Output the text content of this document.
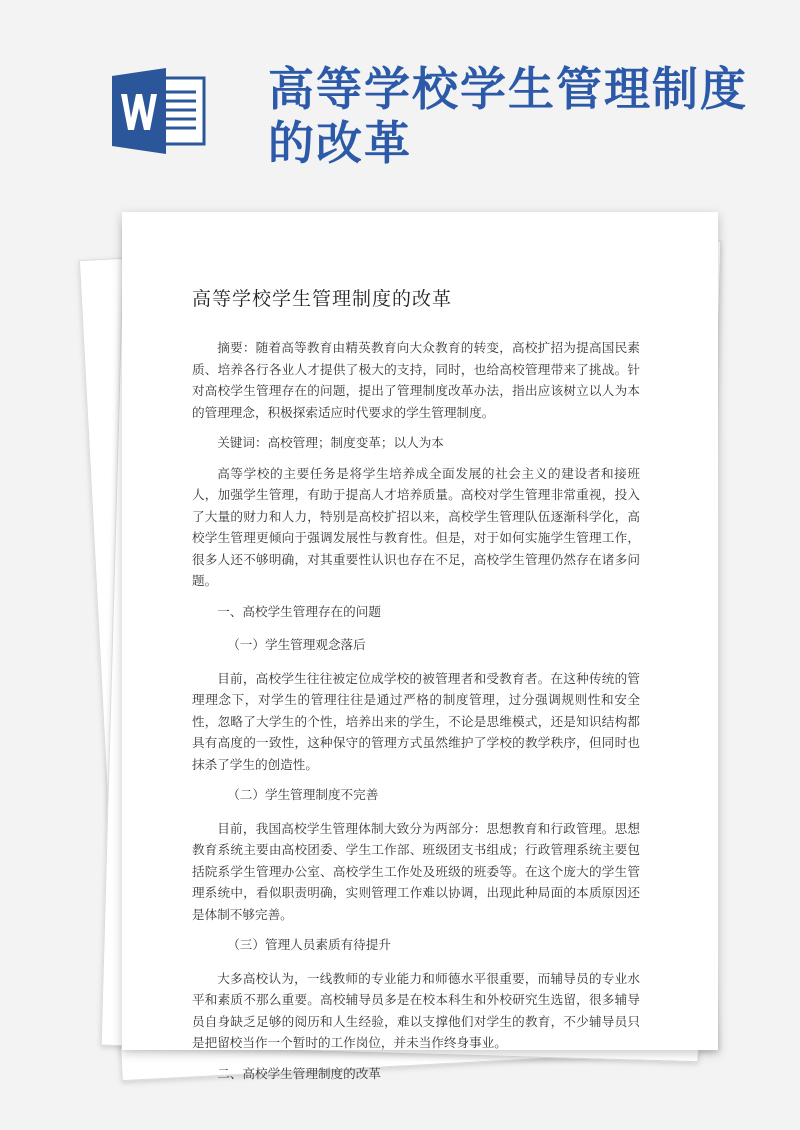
高等学校学生管理制度的改革
高等学校学生管理制度的改革

摘要：随着高等教育由精英教育向大众教育的转变，高校扩招为提高国民素质、培养各行各业人才提供了极大的支持，同时，也给高校管理带来了挑战。针对高校学生管理存在的问题，提出了管理制度改革办法，指出应该树立以人为本的管理理念，积极探索适应时代要求的学生管理制度。

关键词：高校管理；制度变革；以人为本

高等学校的主要任务是将学生培养成全面发展的社会主义的建设者和接班人，加强学生管理，有助于提高人才培养质量。高校对学生管理非常重视，投入了大量的财力和人力，特别是高校扩招以来，高校学生管理队伍逐渐科学化，高校学生管理更倾向于强调发展性与教育性。但是，对于如何实施学生管理工作，很多人还不够明确，对其重要性认识也存在不足，高校学生管理仍然存在诸多问题。

一、高校学生管理存在的问题

（一）学生管理观念落后

目前，高校学生往往被定位成学校的被管理者和受教育者。在这种传统的管理理念下，对学生的管理往往是通过严格的制度管理，过分强调规则性和安全性，忽略了大学生的个性，培养出来的学生，不论是思维模式，还是知识结构都具有高度的一致性，这种保守的管理方式虽然维护了学校的教学秩序，但同时也抹杀了学生的创造性。

（二）学生管理制度不完善

目前，我国高校学生管理体制大致分为两部分：思想教育和行政管理。思想教育系统主要由高校团委、学生工作部、班级团支书组成；行政管理系统主要包括院系学生管理办公室、高校学生工作处及班级的班委等。在这个庞大的学生管理系统中，看似职责明确，实则管理工作难以协调，出现此种局面的本质原因还是体制不够完善。

（三）管理人员素质有待提升

大多高校认为，一线教师的专业能力和师德水平很重要，而辅导员的专业水平和素质不那么重要。高校辅导员多是在校本科生和外校研究生选留，很多辅导员自身缺乏足够的阅历和人生经验，难以支撑他们对学生的教育，不少辅导员只是把留校当作一个暂时的工作岗位，并未当作终身事业。

二、高校学生管理制度的改革
